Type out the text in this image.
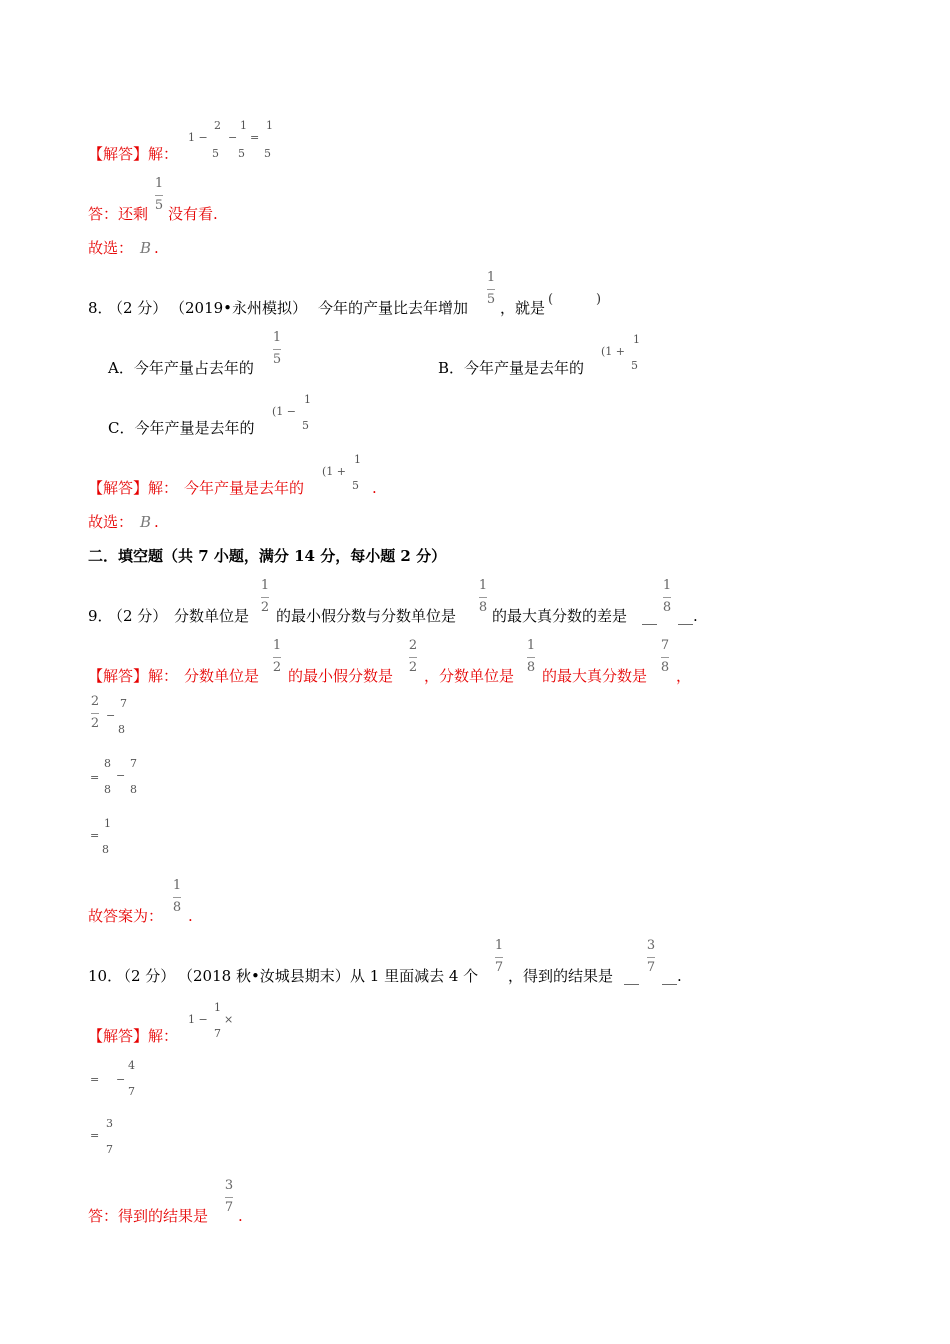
【解答】解：
1 −
2
5
−
1
5
=
1
5
答：还剩
1
5 没有看.
故选： B .
8．
（2 分） （2019•永州模拟） 今年的产量比去年增加
1
5 ，就是 (	)
A．今年产量占去年的
1
5	B．今年产量是去年的
(1 +
1
5
C．今年产量是去年的
(1 −
1
5
【解答】解： 今年产量是去年的
(1 +
1
5 .
故选： B .
二．填空题（共 7 小题，满分 14 分，每小题 2 分）
9．
（2 分） 分数单位是
1
2 的最小假分数与分数单位是
1
8 的最大真分数的差是 __
1
8 __.
【解答】解： 分数单位是
1
2 的最小假分数是
2
2 ，分数单位是
1
8 的最大真分数是
7
8 ，
2
2
−
7
8
=
8
8
−
7
8
=
1
8
故答案为：
1
8 .
10．
（2 分） （2018 秋•汝城县期末） 从 1 里面减去 4 个
1
7 ，得到的结果是 __
3
7 __.
【解答】解：
1 −
1
7
×
= −
4
7
=
3
7
答：得到的结果是
3
7 .
